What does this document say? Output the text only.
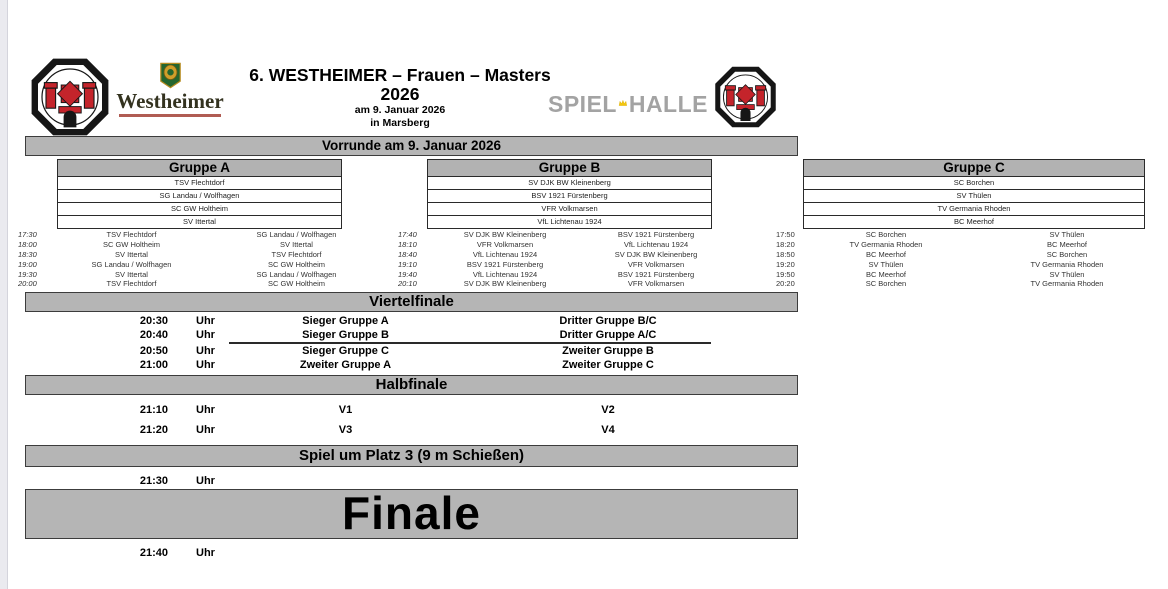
Westheimer
6. WESTHEIMER – Frauen – Masters 2026
am 9. Januar 2026
in Marsberg
SPIEL HALLE
Vorrunde am 9. Januar 2026
Gruppe A
TSV Flechtdorf
SG Landau / Wolfhagen
SC GW Holtheim
SV Ittertal
Gruppe B
SV DJK BW Kleinenberg
BSV 1921 Fürstenberg
VFR Volkmarsen
VfL Lichtenau 1924
Gruppe C
SC Borchen
SV Thülen
TV Germania Rhoden
BC Meerhof
17:30	TSV Flechtdorf	SG Landau / Wolfhagen
18:00	SC GW Holtheim	SV Ittertal
18:30	SV Ittertal	TSV Flechtdorf
19:00	SG Landau / Wolfhagen	SC GW Holtheim
19:30	SV Ittertal	SG Landau / Wolfhagen
20:00	TSV Flechtdorf	SC GW Holtheim
17:40	SV DJK BW Kleinenberg	BSV 1921 Fürstenberg
18:10	VFR Volkmarsen	VfL Lichtenau 1924
18:40	VfL Lichtenau 1924	SV DJK BW Kleinenberg
19:10	BSV 1921 Fürstenberg	VFR Volkmarsen
19:40	VfL Lichtenau 1924	BSV 1921 Fürstenberg
20:10	SV DJK BW Kleinenberg	VFR Volkmarsen
17:50	SC Borchen	SV Thülen
18:20	TV Germania Rhoden	BC Meerhof
18:50	BC Meerhof	SC Borchen
19:20	SV Thülen	TV Germania Rhoden
19:50	BC Meerhof	SV Thülen
20:20	SC Borchen	TV Germania Rhoden
Viertelfinale
20:30	Uhr	Sieger Gruppe A	Dritter Gruppe B/C
20:40	Uhr	Sieger Gruppe B	Dritter Gruppe A/C
20:50	Uhr	Sieger Gruppe C	Zweiter Gruppe B
21:00	Uhr	Zweiter Gruppe A	Zweiter Gruppe C
Halbfinale
21:10	Uhr	V1	V2
21:20	Uhr	V3	V4
Spiel um Platz 3 (9 m Schießen)
21:30	Uhr
Finale
21:40	Uhr
